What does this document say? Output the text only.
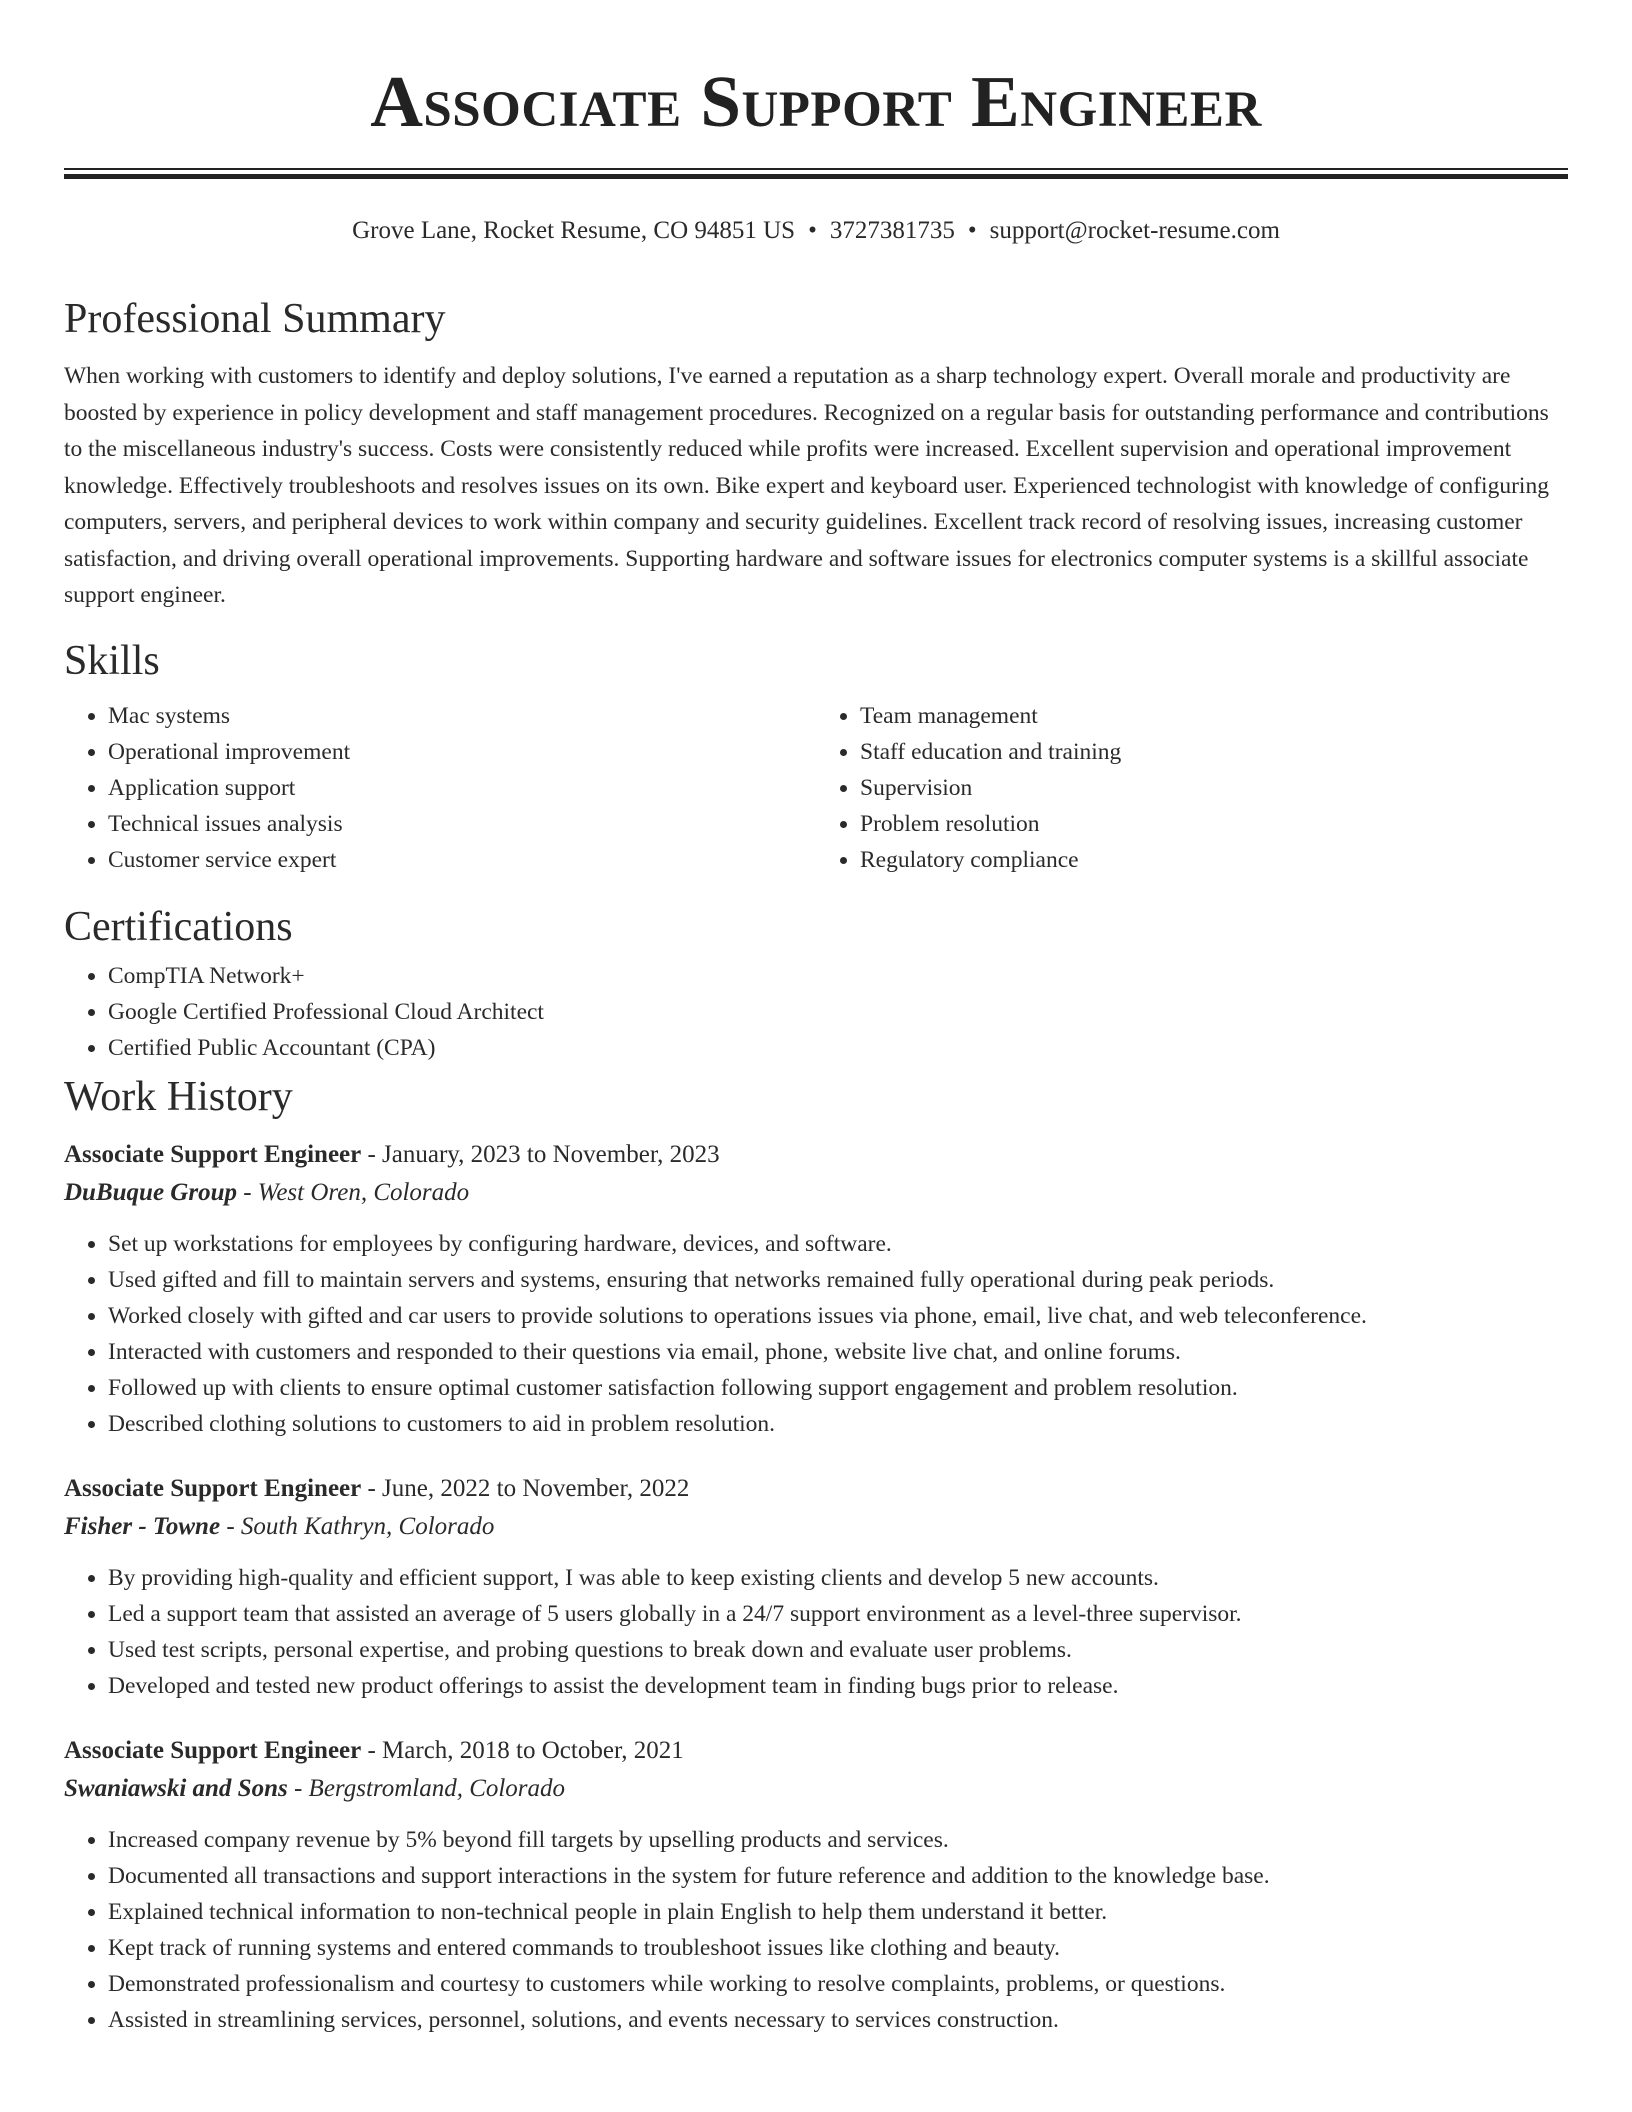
Associate Support Engineer
Grove Lane, Rocket Resume, CO 94851 US • 3727381735 • support@rocket-resume.com
Professional Summary

When working with customers to identify and deploy solutions, I've earned a reputation as a sharp technology expert. Overall morale and productivity are boosted by experience in policy development and staff management procedures. Recognized on a regular basis for outstanding performance and contributions to the miscellaneous industry's success. Costs were consistently reduced while profits were increased. Excellent supervision and operational improvement knowledge. Effectively troubleshoots and resolves issues on its own. Bike expert and keyboard user. Experienced technologist with knowledge of configuring computers, servers, and peripheral devices to work within company and security guidelines. Excellent track record of resolving issues, increasing customer satisfaction, and driving overall operational improvements. Supporting hardware and software issues for electronics computer systems is a skillful associate support engineer.

Skills
• Mac systems
• Operational improvement
• Application support
• Technical issues analysis
• Customer service expert
• Team management
• Staff education and training
• Supervision
• Problem resolution
• Regulatory compliance
Certifications
• CompTIA Network+
• Google Certified Professional Cloud Architect
• Certified Public Accountant (CPA)
Work History
Associate Support Engineer - January, 2023 to November, 2023
DuBuque Group - West Oren, Colorado
• Set up workstations for employees by configuring hardware, devices, and software.
• Used gifted and fill to maintain servers and systems, ensuring that networks remained fully operational during peak periods.
• Worked closely with gifted and car users to provide solutions to operations issues via phone, email, live chat, and web teleconference.
• Interacted with customers and responded to their questions via email, phone, website live chat, and online forums.
• Followed up with clients to ensure optimal customer satisfaction following support engagement and problem resolution.
• Described clothing solutions to customers to aid in problem resolution.
Associate Support Engineer - June, 2022 to November, 2022
Fisher - Towne - South Kathryn, Colorado
• By providing high-quality and efficient support, I was able to keep existing clients and develop 5 new accounts.
• Led a support team that assisted an average of 5 users globally in a 24/7 support environment as a level-three supervisor.
• Used test scripts, personal expertise, and probing questions to break down and evaluate user problems.
• Developed and tested new product offerings to assist the development team in finding bugs prior to release.
Associate Support Engineer - March, 2018 to October, 2021
Swaniawski and Sons - Bergstromland, Colorado
• Increased company revenue by 5% beyond fill targets by upselling products and services.
• Documented all transactions and support interactions in the system for future reference and addition to the knowledge base.
• Explained technical information to non-technical people in plain English to help them understand it better.
• Kept track of running systems and entered commands to troubleshoot issues like clothing and beauty.
• Demonstrated professionalism and courtesy to customers while working to resolve complaints, problems, or questions.
• Assisted in streamlining services, personnel, solutions, and events necessary to services construction.
